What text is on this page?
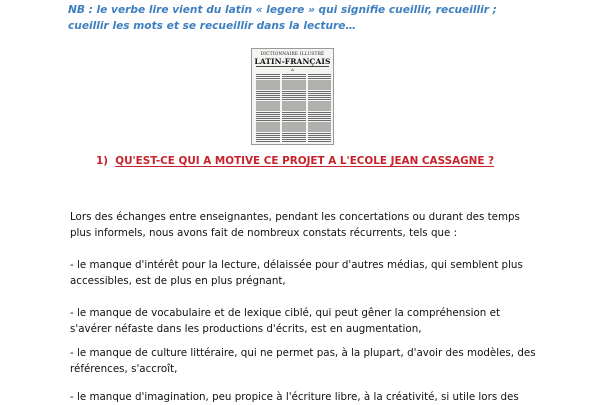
NB : le verbe lire vient du latin « legere » qui signifie cueillir, recueillir ; cueillir les mots et se recueillir dans la lecture…

DICTIONNAIRE ILLUSTRÉ
LATIN-FRANÇAIS
A
1) QU'EST-CE QUI A MOTIVE CE PROJET A L'ECOLE JEAN CASSAGNE ?

Lors des échanges entre enseignantes, pendant les concertations ou durant des temps plus informels, nous avons fait de nombreux constats récurrents, tels que :

- le manque d'intérêt pour la lecture, délaissée pour d'autres médias, qui semblent plus accessibles, est de plus en plus prégnant,

- le manque de vocabulaire et de lexique ciblé, qui peut gêner la compréhension et s'avérer néfaste dans les productions d'écrits, est en augmentation,

- le manque de culture littéraire, qui ne permet pas, à la plupart, d'avoir des modèles, des références, s'accroît,

- le manque d'imagination, peu propice à l'écriture libre, à la créativité, si utile lors des
